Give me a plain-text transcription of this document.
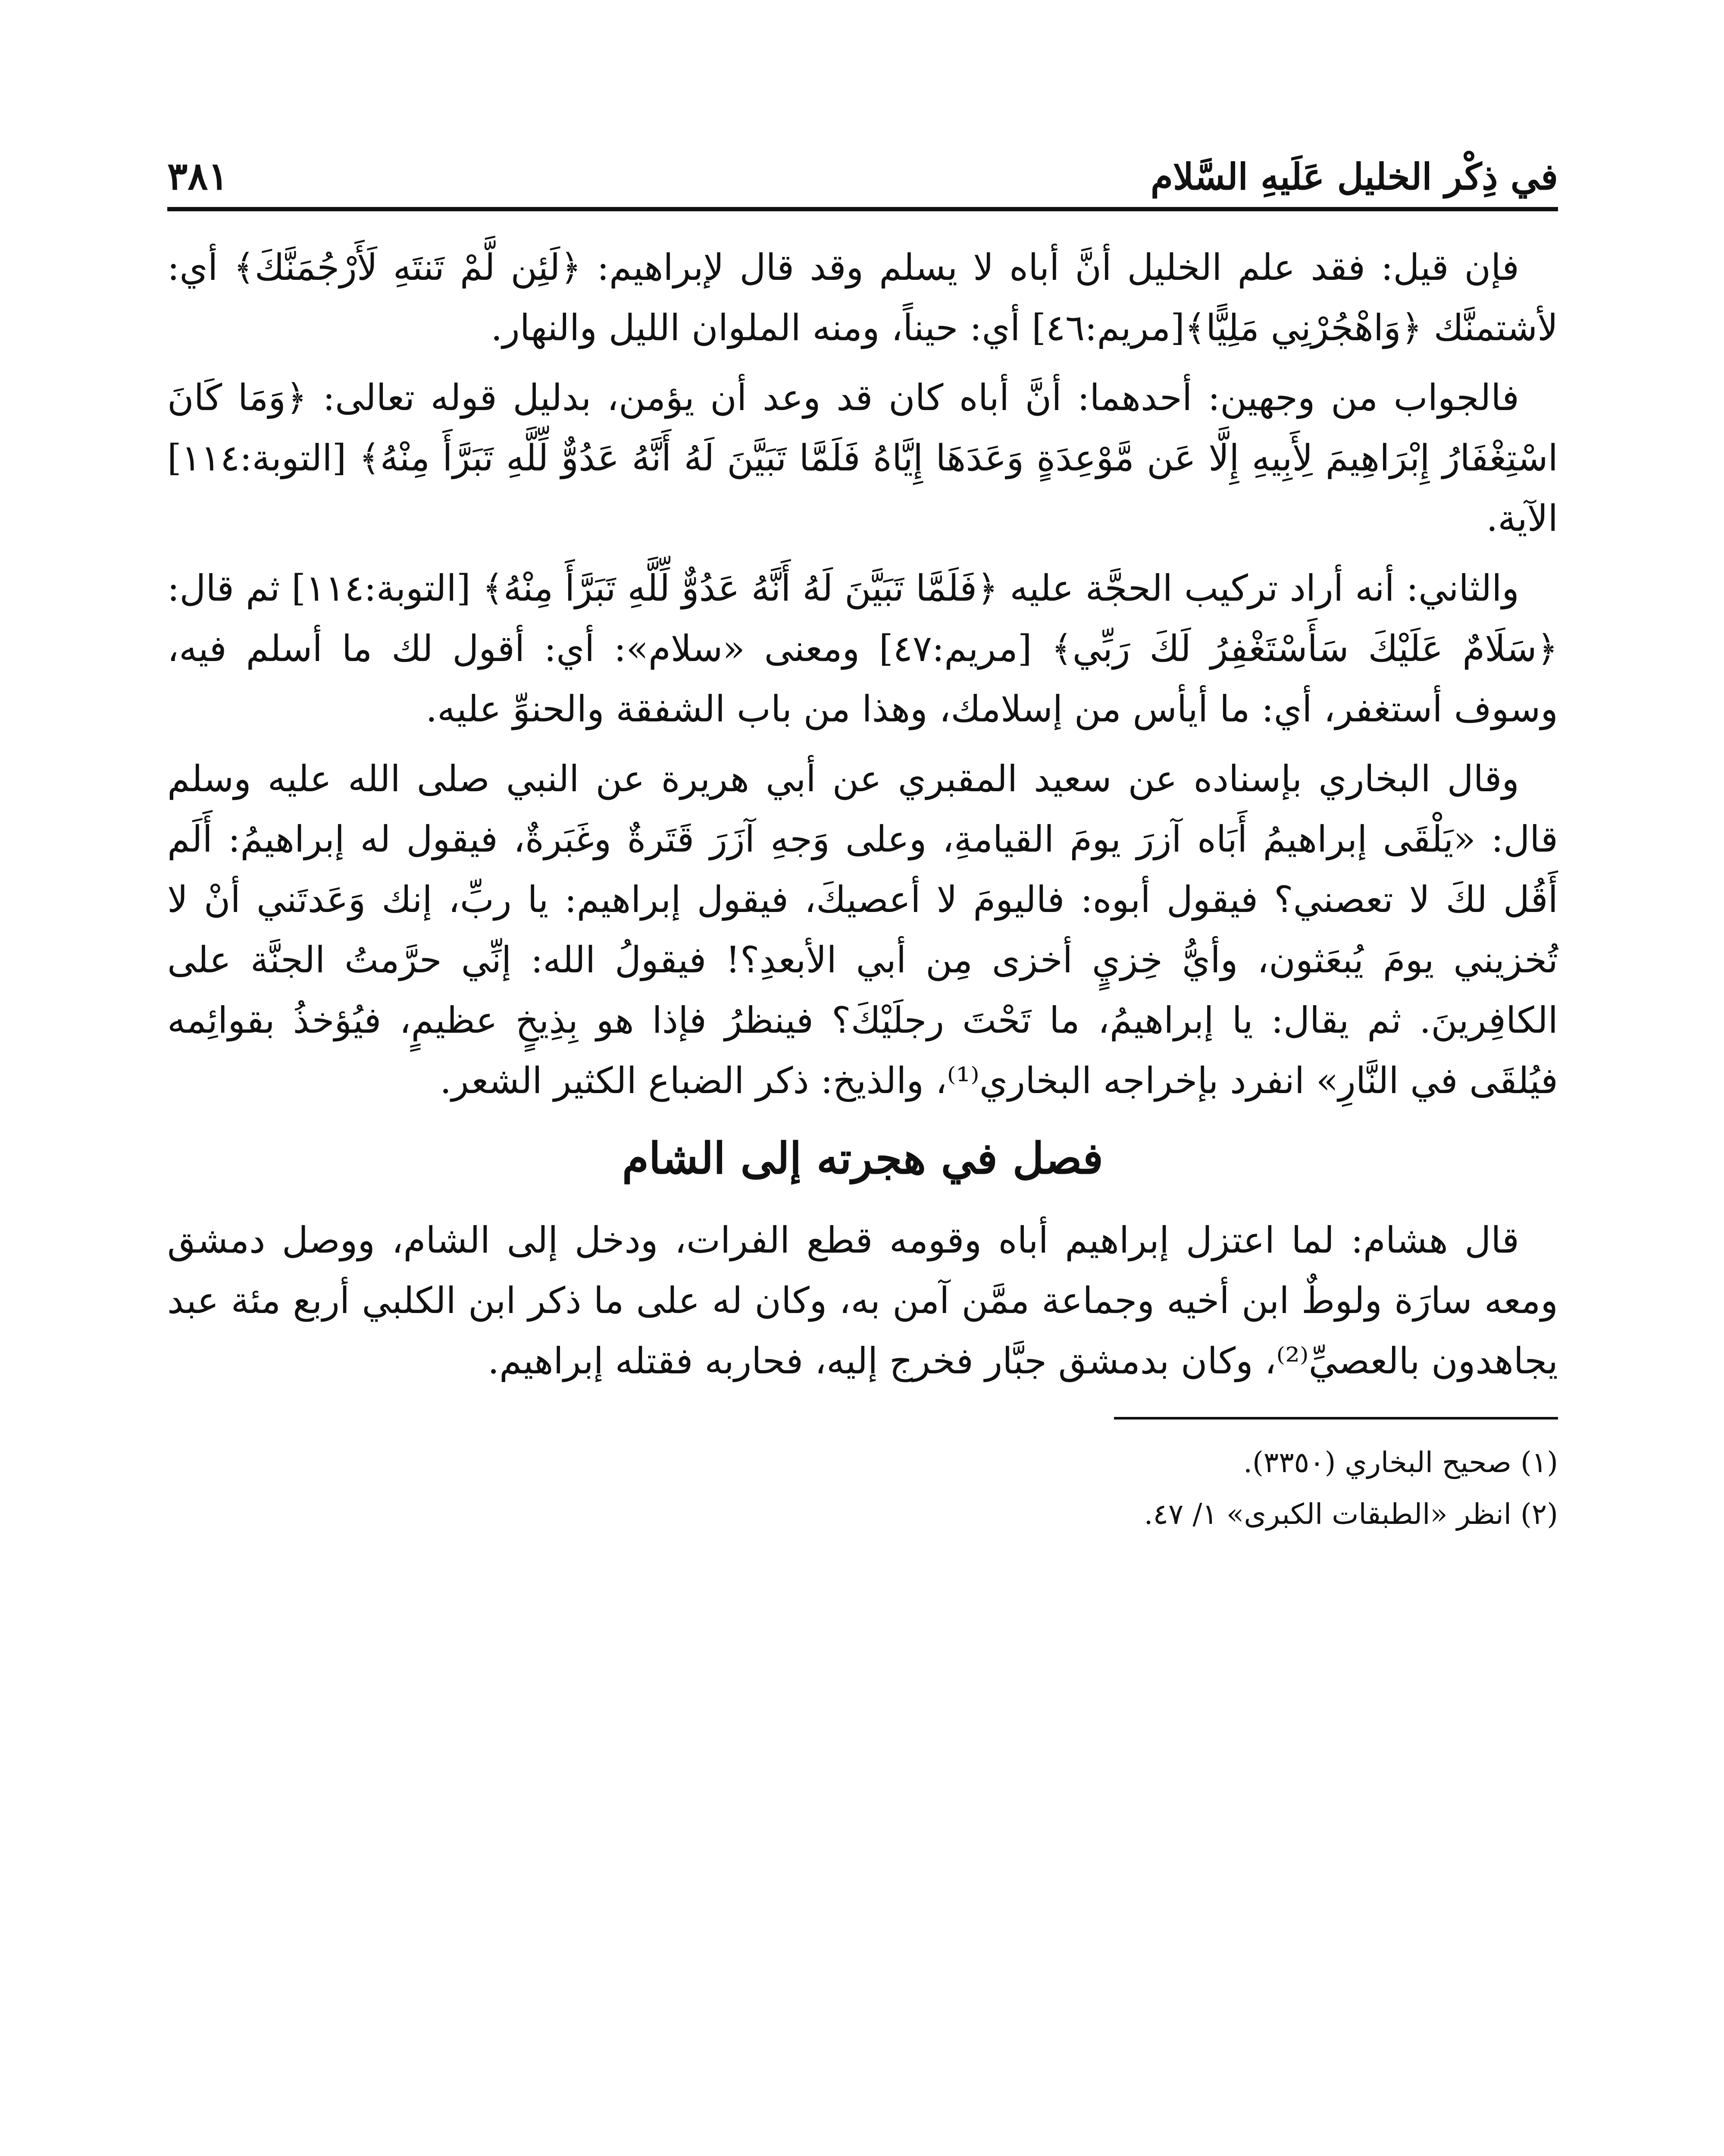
في ذِكْر الخليل عَلَيهِ السَّلام
٣٨١

فإن قيل: فقد علم الخليل أنَّ أباه لا يسلم وقد قال لإبراهيم: ﴿لَئِن لَّمْ تَنتَهِ لَأَرْجُمَنَّكَ﴾ أي: لأشتمنَّك ﴿وَاهْجُرْنِي مَلِيًّا﴾[مريم:٤٦] أي: حيناً، ومنه الملوان الليل والنهار.

فالجواب من وجهين: أحدهما: أنَّ أباه كان قد وعد أن يؤمن، بدليل قوله تعالى: ﴿وَمَا كَانَ اسْتِغْفَارُ إِبْرَاهِيمَ لِأَبِيهِ إِلَّا عَن مَّوْعِدَةٍ وَعَدَهَا إِيَّاهُ فَلَمَّا تَبَيَّنَ لَهُ أَنَّهُ عَدُوٌّ لِّلَّهِ تَبَرَّأَ مِنْهُ﴾ [التوبة:١١٤] الآية.

والثاني: أنه أراد تركيب الحجَّة عليه ﴿فَلَمَّا تَبَيَّنَ لَهُ أَنَّهُ عَدُوٌّ لِّلَّهِ تَبَرَّأَ مِنْهُ﴾ [التوبة:١١٤] ثم قال: ﴿سَلَامٌ عَلَيْكَ سَأَسْتَغْفِرُ لَكَ رَبِّي﴾ [مريم:٤٧] ومعنى «سلام»: أي: أقول لك ما أسلم فيه، وسوف أستغفر، أي: ما أيأس من إسلامك، وهذا من باب الشفقة والحنوِّ عليه.

وقال البخاري بإسناده عن سعيد المقبري عن أبي هريرة عن النبي صلى الله عليه وسلم قال: «يَلْقَى إبراهيمُ أَبَاه آزرَ يومَ القيامةِ، وعلى وَجهِ آزَرَ قَتَرةٌ وغَبَرةٌ، فيقول له إبراهيمُ: أَلَم أَقُل لكَ لا تعصني؟ فيقول أبوه: فاليومَ لا أعصيكَ، فيقول إبراهيم: يا ربِّ، إنك وَعَدتَني أنْ لا تُخزيني يومَ يُبعَثون، وأيُّ خِزيٍ أخزى مِن أبي الأبعدِ؟! فيقولُ الله: إنِّي حرَّمتُ الجنَّة على الكافِرينَ. ثم يقال: يا إبراهيمُ، ما تَحْتَ رجلَيْكَ؟ فينظرُ فإذا هو بِذِيخٍ عظيمٍ، فيُؤخذُ بقوائِمه فيُلقَى في النَّارِ» انفرد بإخراجه البخاري⁽¹⁾، والذيخ: ذكر الضباع الكثير الشعر.

فصل في هجرته إلى الشام

قال هشام: لما اعتزل إبراهيم أباه وقومه قطع الفرات، ودخل إلى الشام، ووصل دمشق ومعه سارَة ولوطٌ ابن أخيه وجماعة ممَّن آمن به، وكان له على ما ذكر ابن الكلبي أربع مئة عبد يجاهدون بالعصيِّ⁽²⁾، وكان بدمشق جبَّار فخرج إليه، فحاربه فقتله إبراهيم.

(١) صحيح البخاري (٣٣٥٠).

(٢) انظر «الطبقات الكبرى» ١/ ٤٧.
